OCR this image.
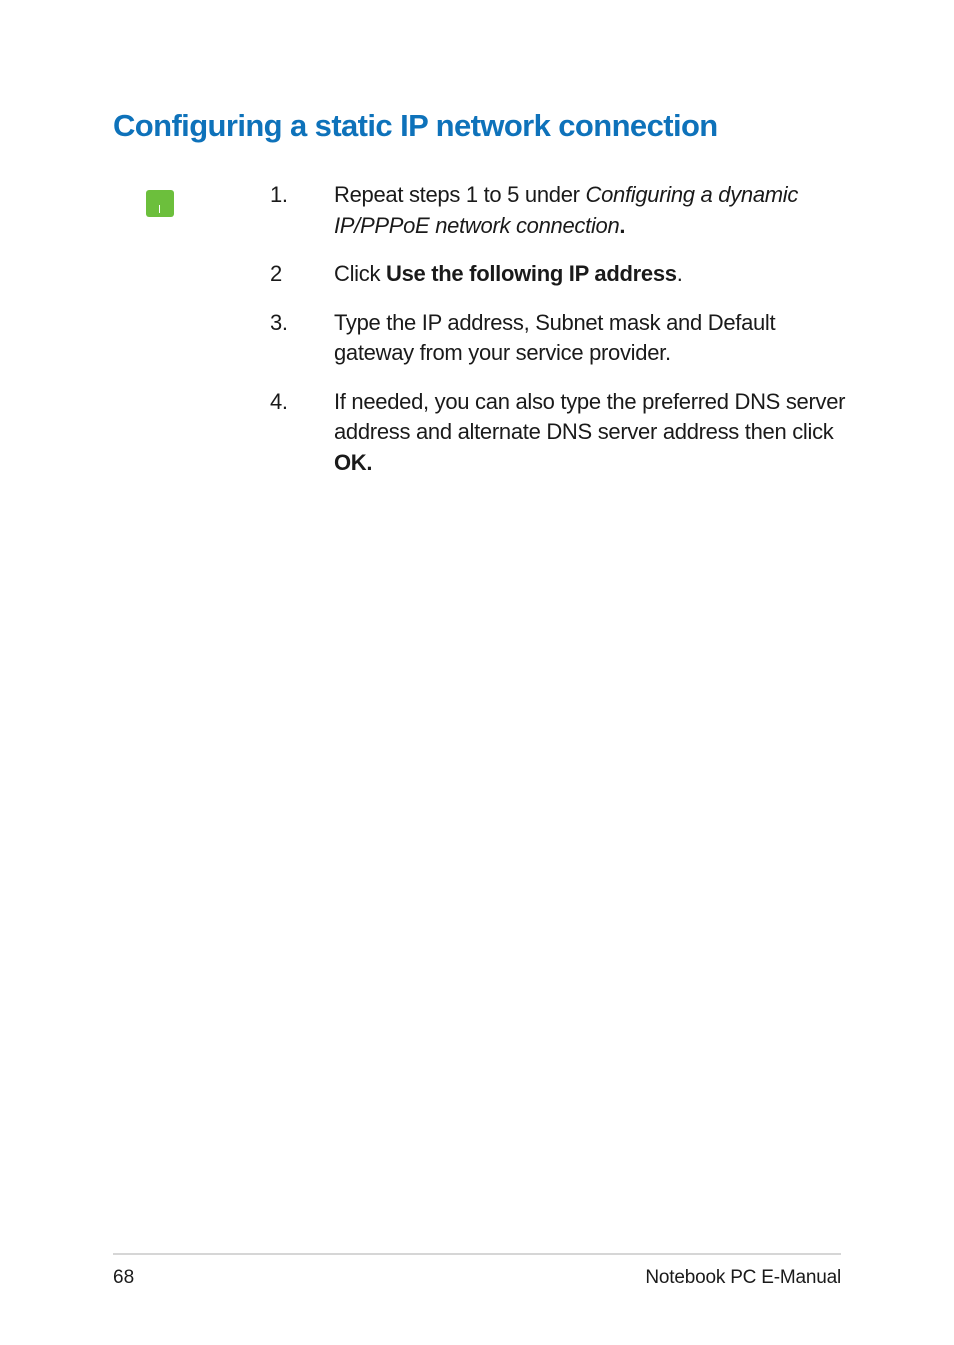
Configuring a static IP network connection
1. Repeat steps 1 to 5 under Configuring a dynamic IP/PPPoE network connection.
2 Click Use the following IP address.
3. Type the IP address, Subnet mask and Default gateway from your service provider.
4. If needed, you can also type the preferred DNS server address and alternate DNS server address then click OK.
68	Notebook PC E-Manual
